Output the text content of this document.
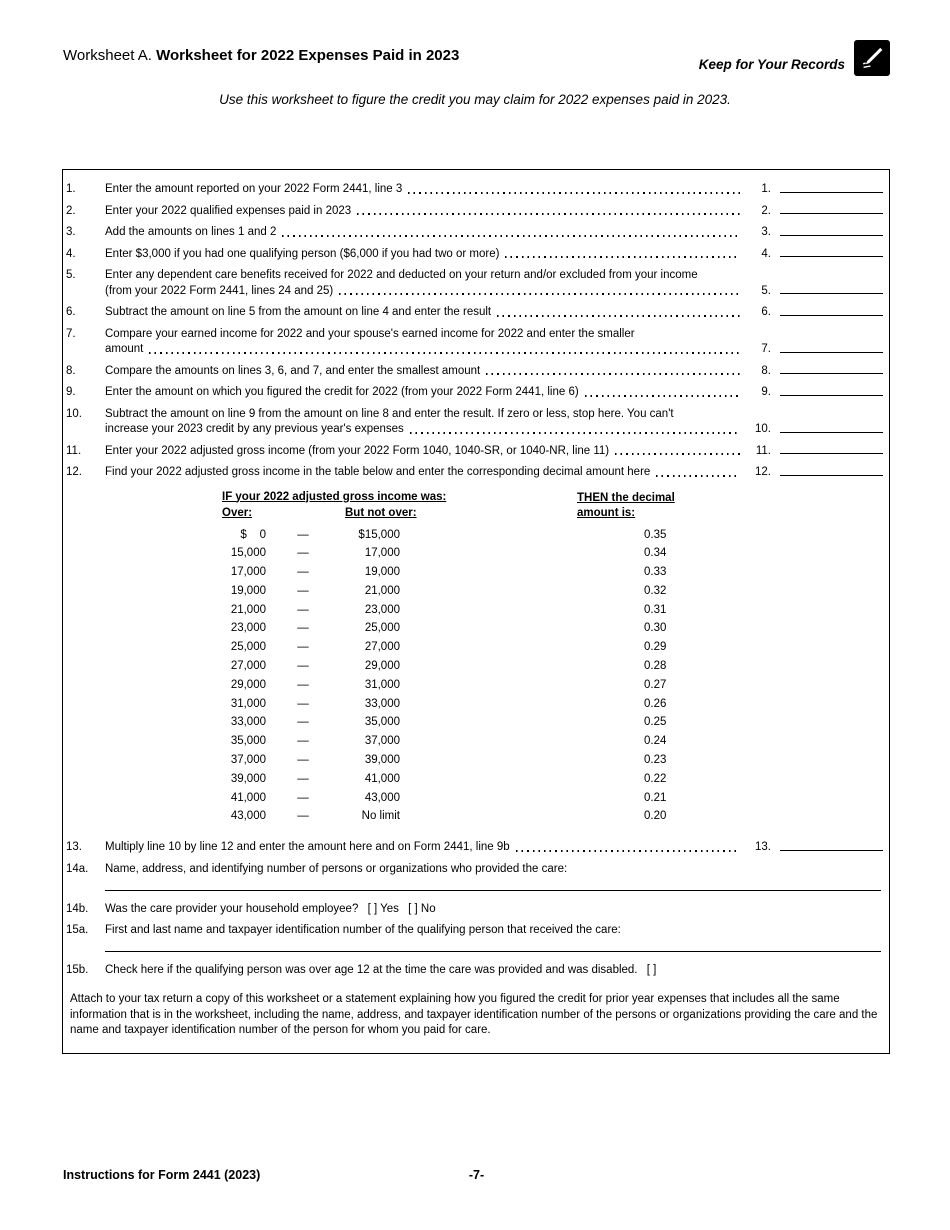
Worksheet A. Worksheet for 2022 Expenses Paid in 2023
Keep for Your Records
Use this worksheet to figure the credit you may claim for 2022 expenses paid in 2023.
1.	Enter the amount reported on your 2022 Form 2441, line 3	1.
2.	Enter your 2022 qualified expenses paid in 2023	2.
3.	Add the amounts on lines 1 and 2	3.
4.	Enter $3,000 if you had one qualifying person ($6,000 if you had two or more)	4.
5.	Enter any dependent care benefits received for 2022 and deducted on your return and/or excluded from your income
(from your 2022 Form 2441, lines 24 and 25)	5.
6.	Subtract the amount on line 5 from the amount on line 4 and enter the result	6.
7.	Compare your earned income for 2022 and your spouse's earned income for 2022 and enter the smaller
amount	7.
8.	Compare the amounts on lines 3, 6, and 7, and enter the smallest amount	8.
9.	Enter the amount on which you figured the credit for 2022 (from your 2022 Form 2441, line 6)	9.
10.	Subtract the amount on line 9 from the amount on line 8 and enter the result. If zero or less, stop here. You can't
increase your 2023 credit by any previous year's expenses	10.
11.	Enter your 2022 adjusted gross income (from your 2022 Form 1040, 1040-SR, or 1040-NR, line 11)	11.
12.	Find your 2022 adjusted gross income in the table below and enter the corresponding decimal amount here	12.
IF your 2022 adjusted gross income was:	THEN the decimal amount is:
Over:	But not over:
$    0	—	$15,000	0.35
15,000	—	17,000	0.34
17,000	—	19,000	0.33
19,000	—	21,000	0.32
21,000	—	23,000	0.31
23,000	—	25,000	0.30
25,000	—	27,000	0.29
27,000	—	29,000	0.28
29,000	—	31,000	0.27
31,000	—	33,000	0.26
33,000	—	35,000	0.25
35,000	—	37,000	0.24
37,000	—	39,000	0.23
39,000	—	41,000	0.22
41,000	—	43,000	0.21
43,000	—	No limit	0.20
13.	Multiply line 10 by line 12 and enter the amount here and on Form 2441, line 9b	13.
14a.	Name, address, and identifying number of persons or organizations who provided the care:
14b.	Was the care provider your household employee? [ ] Yes [ ] No
15a.	First and last name and taxpayer identification number of the qualifying person that received the care:
15b.	Check here if the qualifying person was over age 12 at the time the care was provided and was disabled. [ ]
Attach to your tax return a copy of this worksheet or a statement explaining how you figured the credit for prior year expenses that includes all the same information that is in the worksheet, including the name, address, and taxpayer identification number of the persons or organizations providing the care and the name and taxpayer identification number of the person for whom you paid for care.
Instructions for Form 2441 (2023)	-7-
